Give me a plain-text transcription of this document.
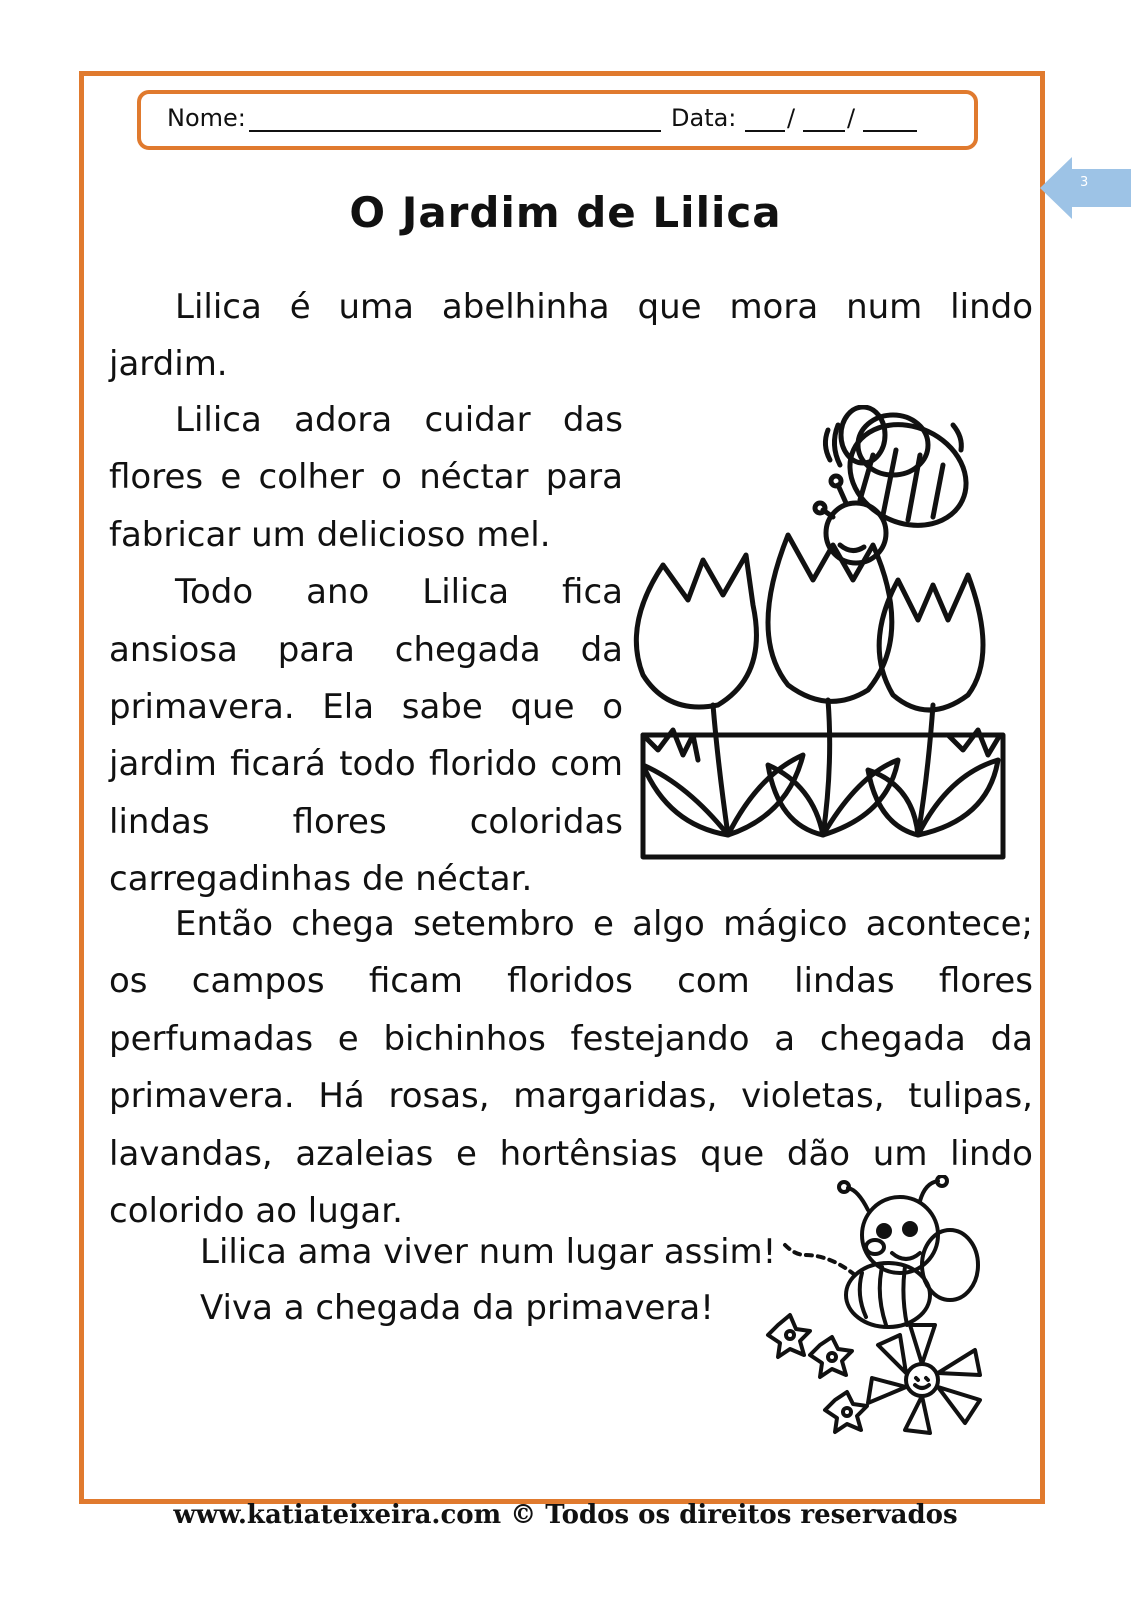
Nome:	Data: / /
3
O Jardim de Lilica

Lilica é uma abelhinha que mora num lindo jardim.

Lilica adora cuidar das flores e colher o néctar para fabricar um delicioso mel.

Todo ano Lilica fica ansiosa para chegada da primavera. Ela sabe que o jardim ficará todo florido com lindas flores coloridas carregadinhas de néctar.

Então chega setembro e algo mágico acontece; os campos ficam floridos com lindas flores perfumadas e bichinhos festejando a chegada da primavera. Há rosas, margaridas, violetas, tulipas, lavandas, azaleias e hortênsias que dão um lindo colorido ao lugar.

Lilica ama viver num lugar assim!
Viva a chegada da primavera!
www.katiateixeira.com © Todos os direitos reservados
